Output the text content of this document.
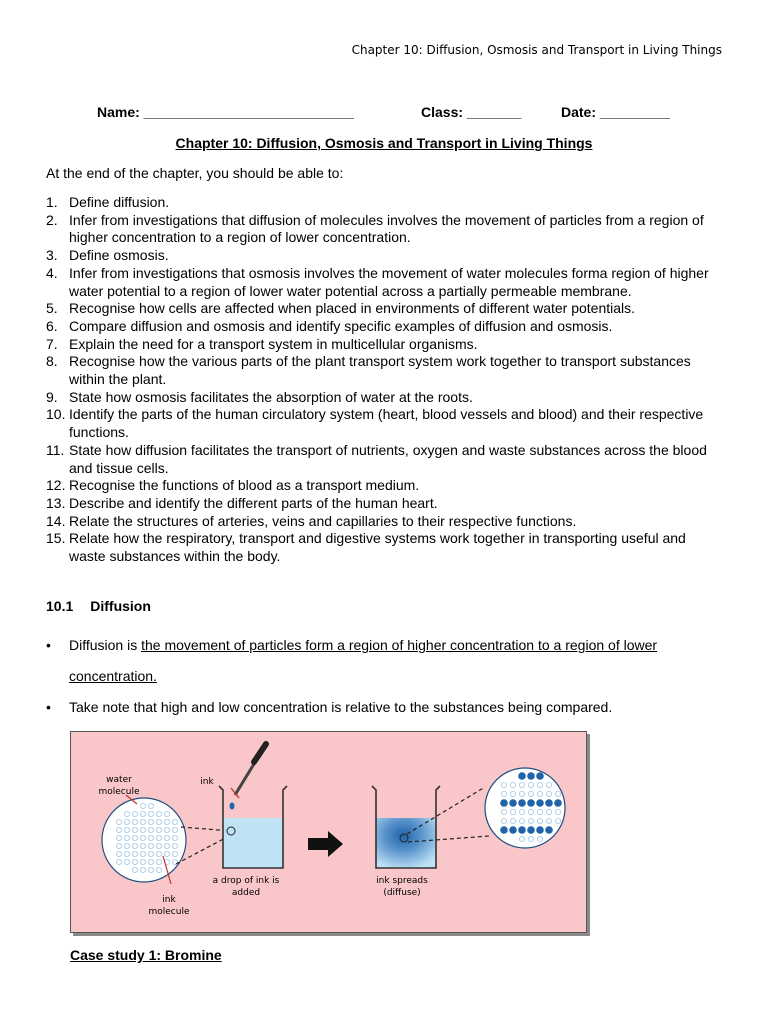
Chapter 10: Diffusion, Osmosis and Transport in Living Things
Name: ___________________________	Class: _______	Date: _________
Chapter 10: Diffusion, Osmosis and Transport in Living Things
At the end of the chapter, you should be able to:
1. Define diffusion.
2. Infer from investigations that diffusion of molecules involves the movement of particles from a region of higher concentration to a region of lower concentration.
3. Define osmosis.
4. Infer from investigations that osmosis involves the movement of water molecules forma region of higher water potential to a region of lower water potential across a partially permeable membrane.
5. Recognise how cells are affected when placed in environments of different water potentials.
6. Compare diffusion and osmosis and identify specific examples of diffusion and osmosis.
7. Explain the need for a transport system in multicellular organisms.
8. Recognise how the various parts of the plant transport system work together to transport substances within the plant.
9. State how osmosis facilitates the absorption of water at the roots.
10. Identify the parts of the human circulatory system (heart, blood vessels and blood) and their respective functions.
11. State how diffusion facilitates the transport of nutrients, oxygen and waste substances across the blood and tissue cells.
12. Recognise the functions of blood as a transport medium.
13. Describe and identify the different parts of the human heart.
14. Relate the structures of arteries, veins and capillaries to their respective functions.
15. Relate how the respiratory, transport and digestive systems work together in transporting useful and waste substances within the body.
10.1 Diffusion
• Diffusion is the movement of particles form a region of higher concentration to a region of lower concentration.
• Take note that high and low concentration is relative to the substances being compared.
water
molecule
ink
ink
molecule
a drop of ink is
added
ink spreads
(diffuse)
Case study 1: Bromine
